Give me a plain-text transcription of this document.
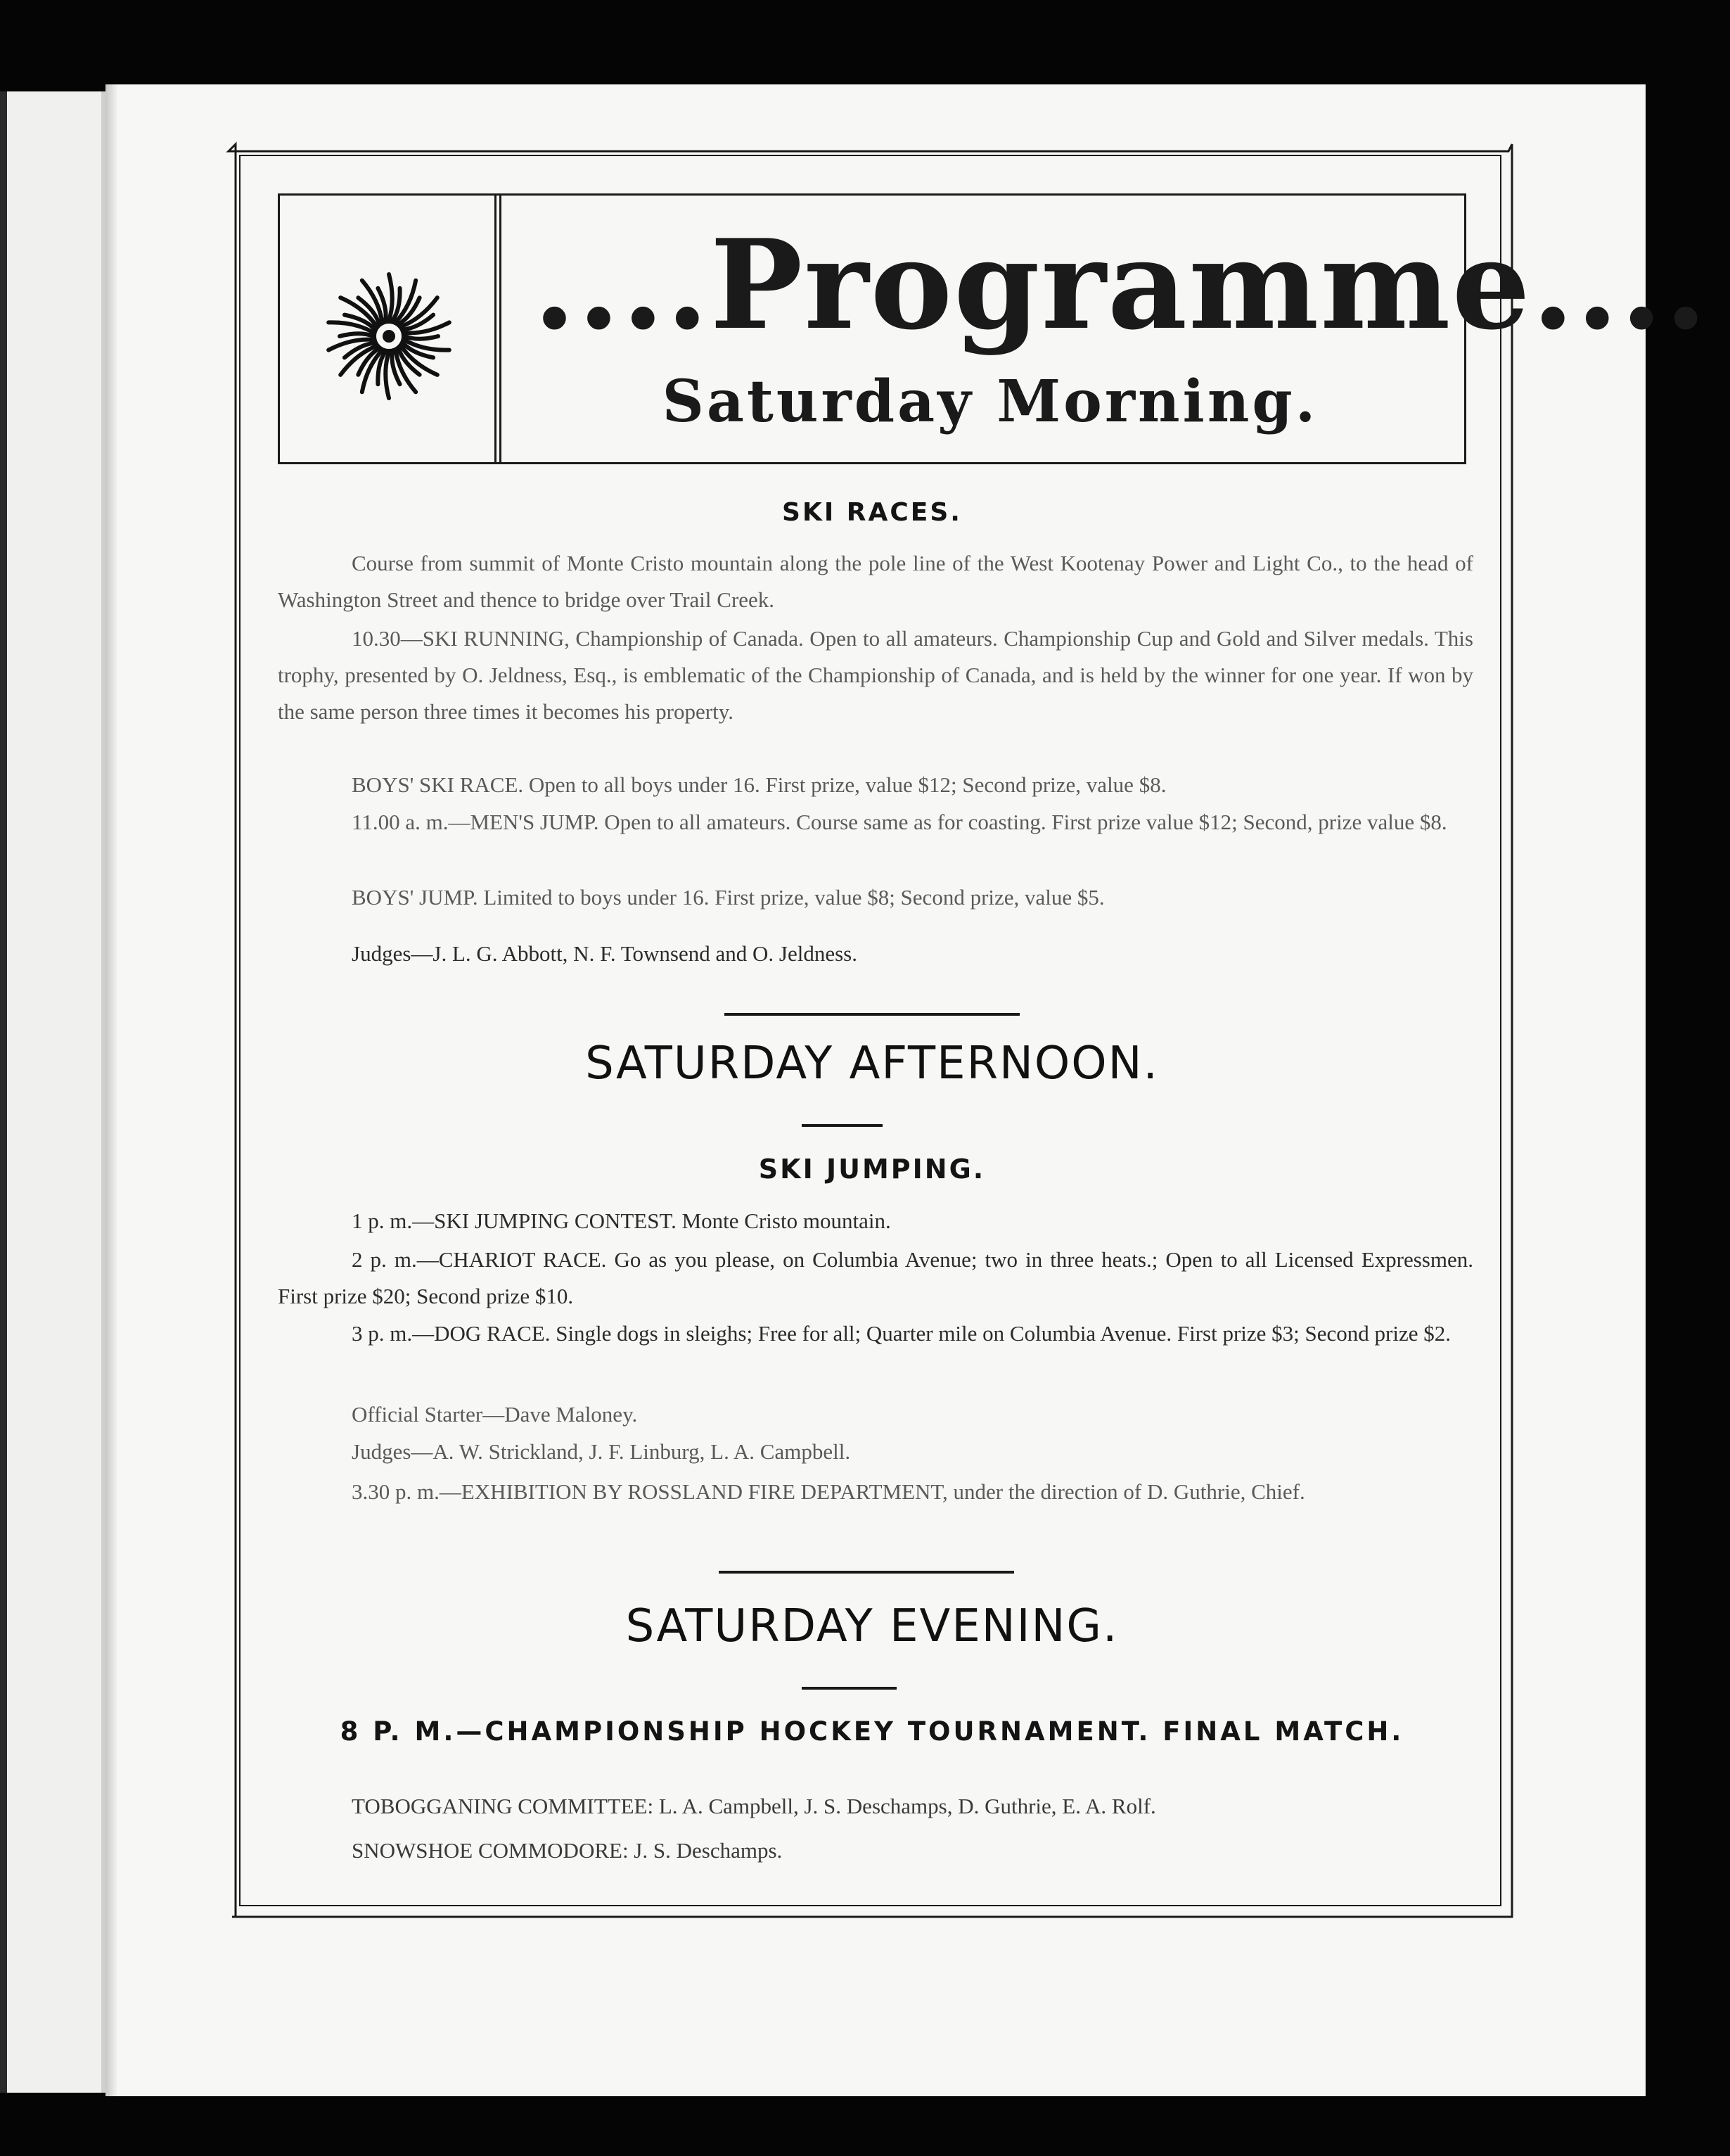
....Programme....
Saturday Morning.
SKI RACES.
Course from summit of Monte Cristo mountain along the pole line of the West Kootenay Power and Light Co., to the head of Washington Street and thence to bridge over Trail Creek.
10.30—SKI RUNNING, Championship of Canada. Open to all amateurs. Championship Cup and Gold and Silver medals. This trophy, presented by O. Jeldness, Esq., is emblematic of the Championship of Canada, and is held by the winner for one year. If won by the same person three times it becomes his property.
BOYS' SKI RACE. Open to all boys under 16. First prize, value $12; Second prize, value $8.
11.00 a. m.—MEN'S JUMP. Open to all amateurs. Course same as for coasting. First prize value $12; Second, prize value $8.
BOYS' JUMP. Limited to boys under 16. First prize, value $8; Second prize, value $5.
Judges—J. L. G. Abbott, N. F. Townsend and O. Jeldness.
SATURDAY AFTERNOON.
SKI JUMPING.
1 p. m.—SKI JUMPING CONTEST. Monte Cristo mountain.
2 p. m.—CHARIOT RACE. Go as you please, on Columbia Avenue; two in three heats.; Open to all Licensed Expressmen. First prize $20; Second prize $10.
3 p. m.—DOG RACE. Single dogs in sleighs; Free for all; Quarter mile on Columbia Avenue. First prize $3; Second prize $2.
Official Starter—Dave Maloney.
Judges—A. W. Strickland, J. F. Linburg, L. A. Campbell.
3.30 p. m.—EXHIBITION BY ROSSLAND FIRE DEPARTMENT, under the direction of D. Guthrie, Chief.
SATURDAY EVENING.
8 P. M.—CHAMPIONSHIP HOCKEY TOURNAMENT. FINAL MATCH.
TOBOGGANING COMMITTEE: L. A. Campbell, J. S. Deschamps, D. Guthrie, E. A. Rolf.
SNOWSHOE COMMODORE: J. S. Deschamps.
